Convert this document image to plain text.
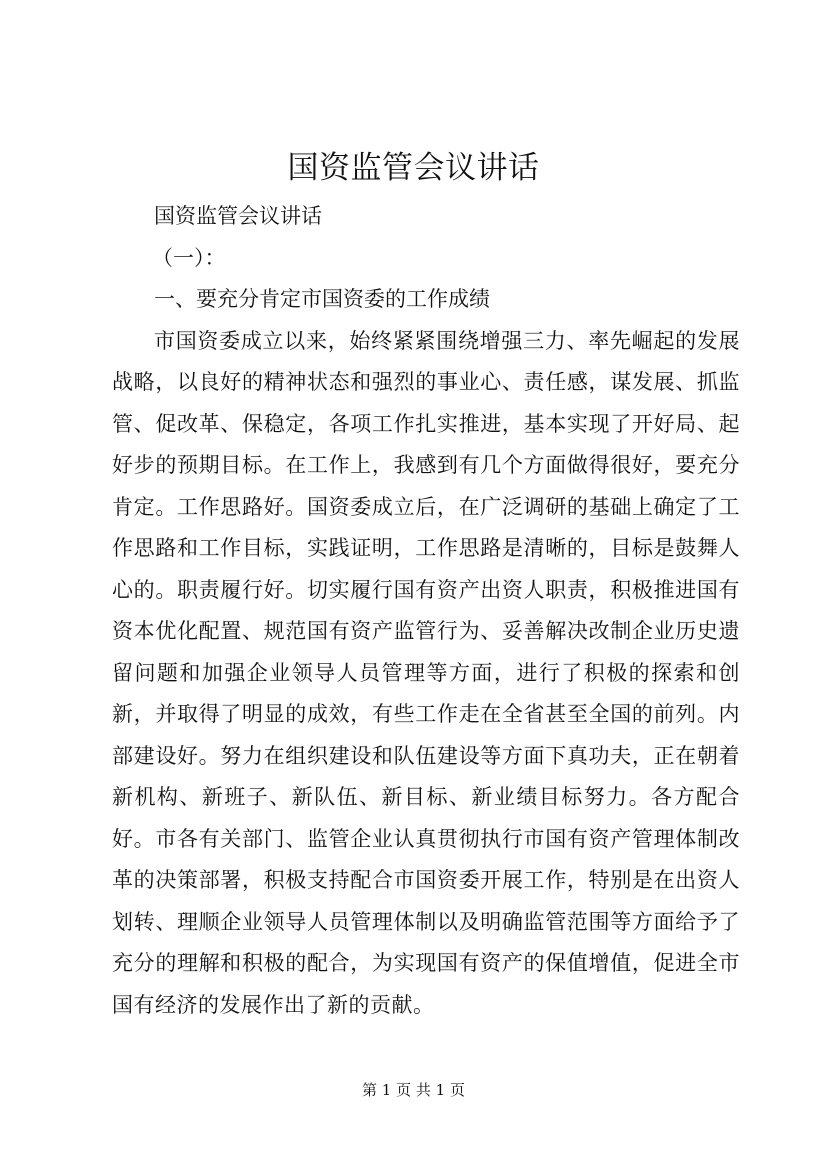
国资监管会议讲话

国资监管会议讲话

（一）：

一、要充分肯定市国资委的工作成绩

市国资委成立以来，始终紧紧围绕增强三力、率先崛起的发展战略，以良好的精神状态和强烈的事业心、责任感，谋发展、抓监管、促改革、保稳定，各项工作扎实推进，基本实现了开好局、起好步的预期目标。在工作上，我感到有几个方面做得很好，要充分肯定。工作思路好。国资委成立后，在广泛调研的基础上确定了工作思路和工作目标，实践证明，工作思路是清晰的，目标是鼓舞人心的。职责履行好。切实履行国有资产出资人职责，积极推进国有资本优化配置、规范国有资产监管行为、妥善解决改制企业历史遗留问题和加强企业领导人员管理等方面，进行了积极的探索和创新，并取得了明显的成效，有些工作走在全省甚至全国的前列。内部建设好。努力在组织建设和队伍建设等方面下真功夫，正在朝着新机构、新班子、新队伍、新目标、新业绩目标努力。各方配合好。市各有关部门、监管企业认真贯彻执行市国有资产管理体制改革的决策部署，积极支持配合市国资委开展工作，特别是在出资人划转、理顺企业领导人员管理体制以及明确监管范围等方面给予了充分的理解和积极的配合，为实现国有资产的保值增值，促进全市国有经济的发展作出了新的贡献。

第 1 页 共 1 页
